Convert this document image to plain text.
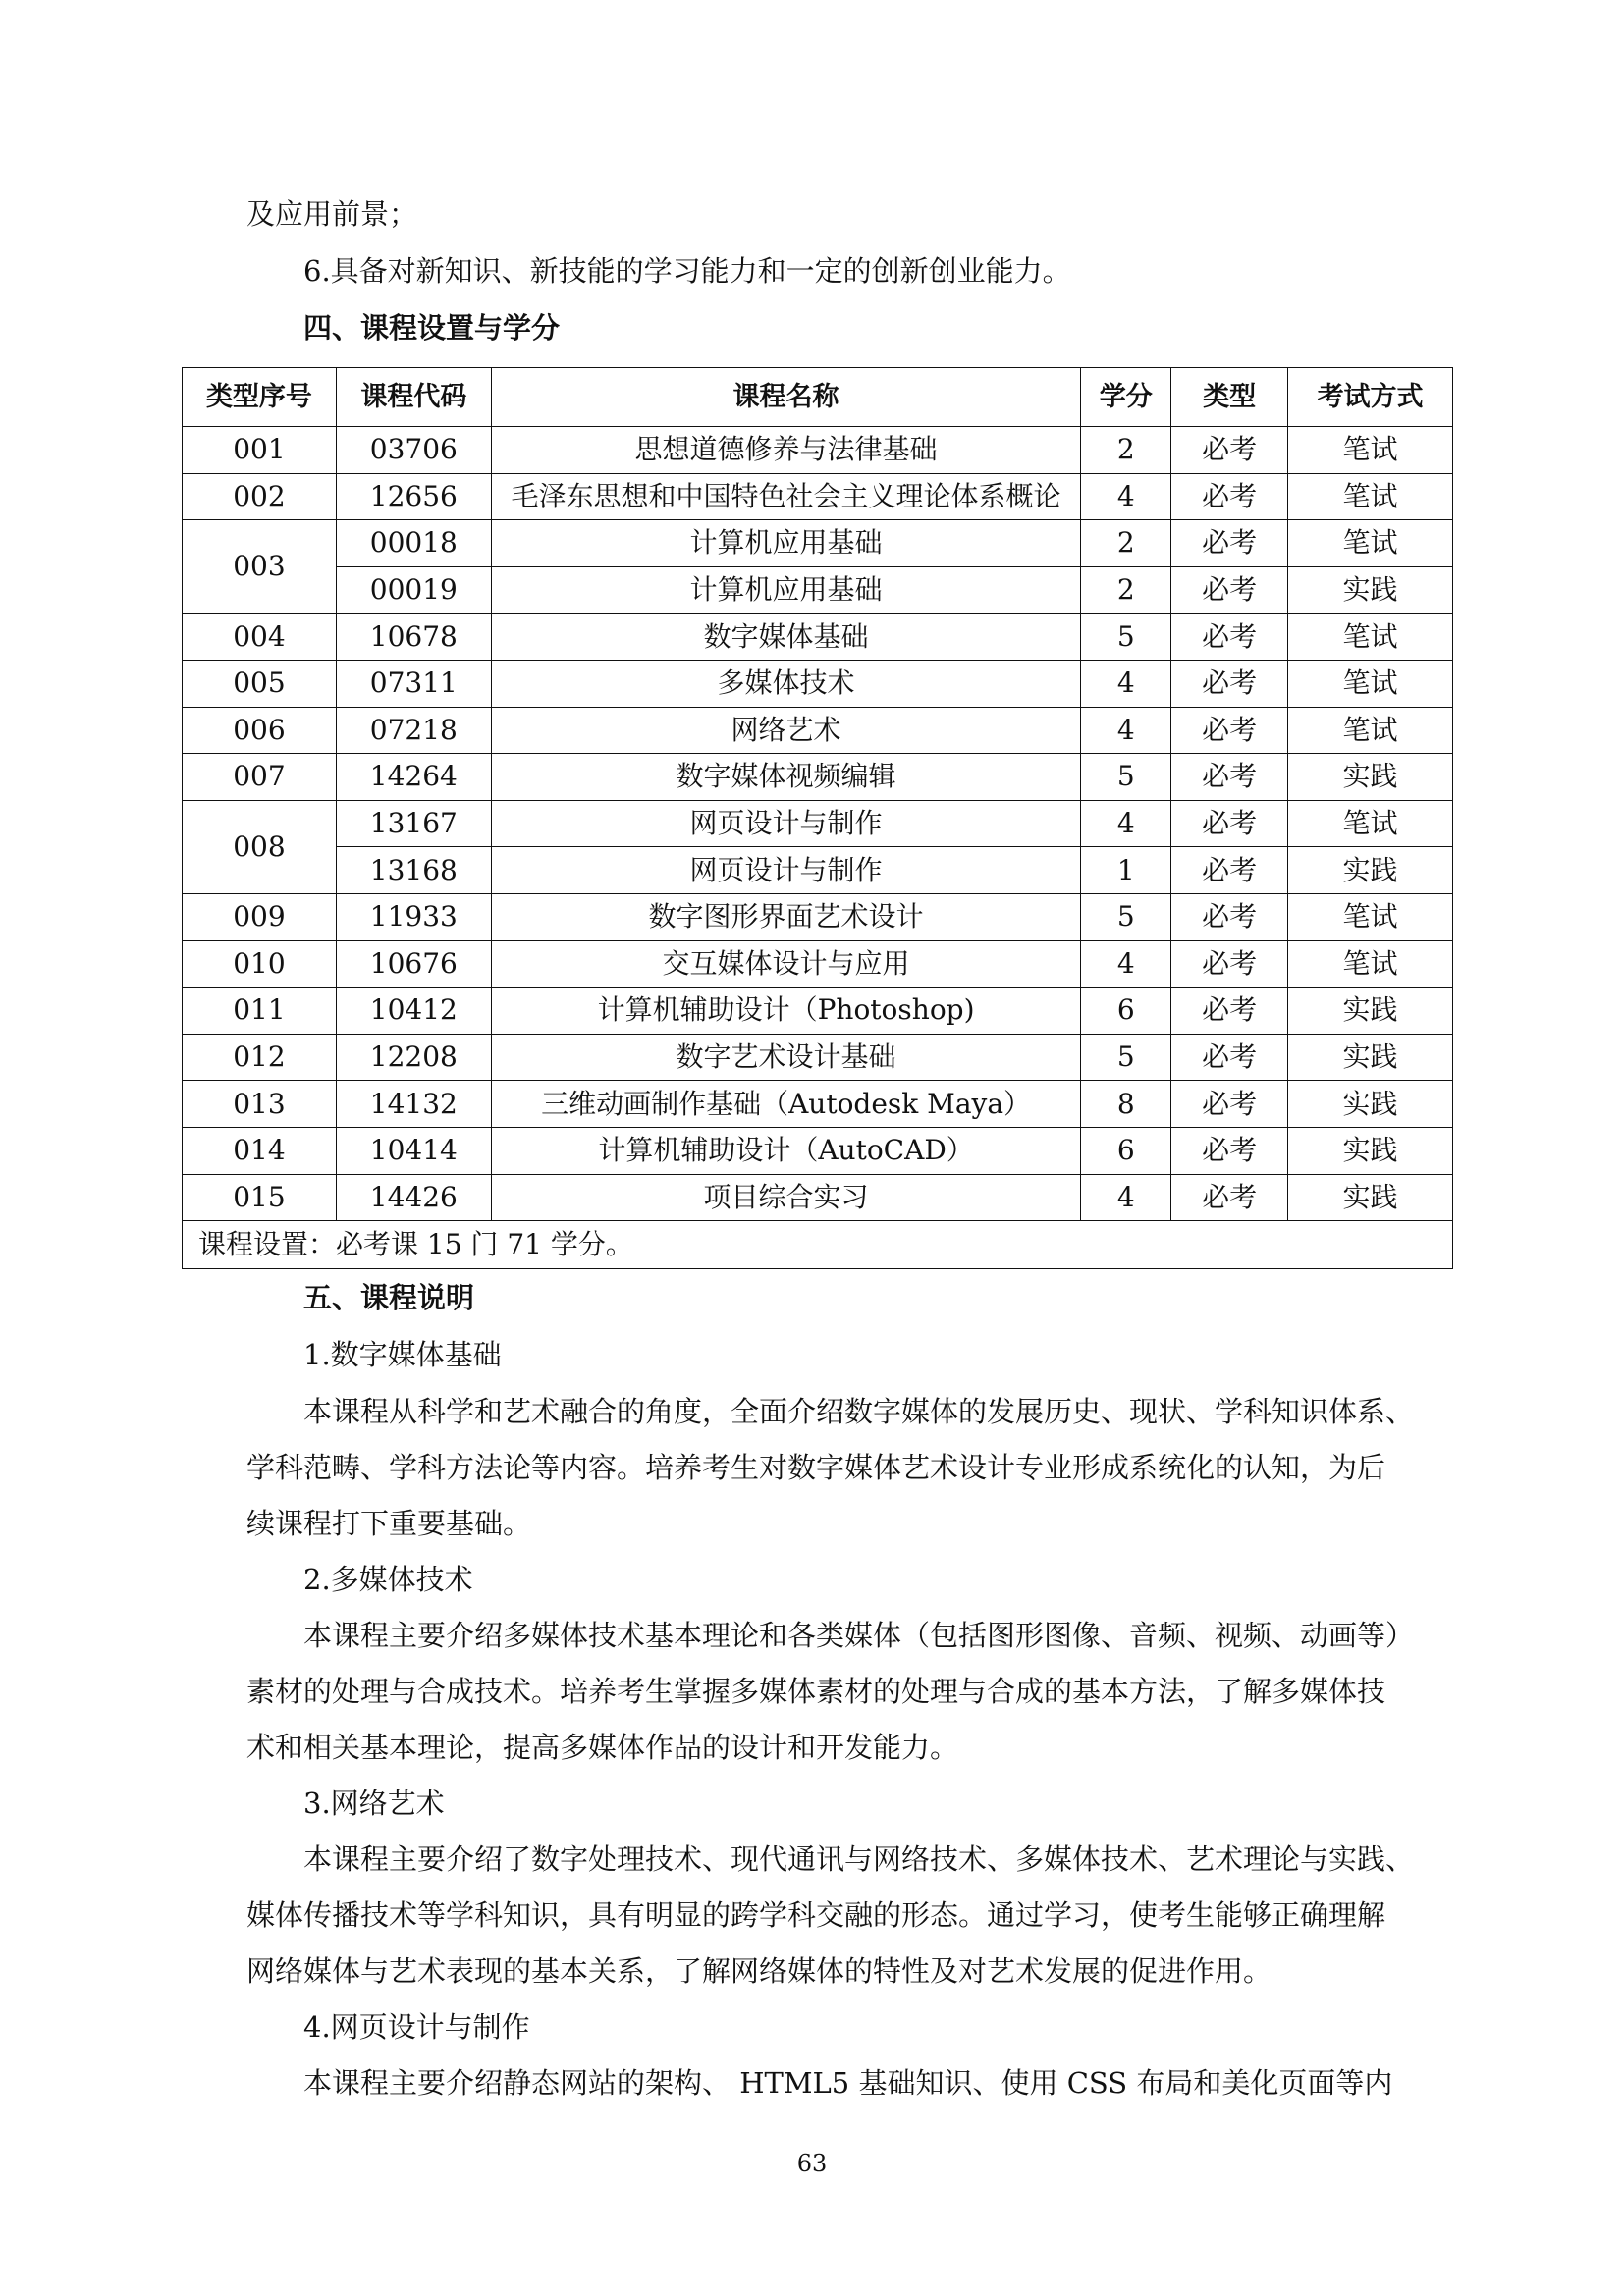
及应用前景；
6.具备对新知识、新技能的学习能力和一定的创新创业能力。
四、课程设置与学分
类型序号	课程代码	课程名称	学分	类型	考试方式
001	03706	思想道德修养与法律基础	2	必考	笔试
002	12656	毛泽东思想和中国特色社会主义理论体系概论	4	必考	笔试
003	00018	计算机应用基础	2	必考	笔试
	00019	计算机应用基础	2	必考	实践
004	10678	数字媒体基础	5	必考	笔试
005	07311	多媒体技术	4	必考	笔试
006	07218	网络艺术	4	必考	笔试
007	14264	数字媒体视频编辑	5	必考	实践
008	13167	网页设计与制作	4	必考	笔试
	13168	网页设计与制作	1	必考	实践
009	11933	数字图形界面艺术设计	5	必考	笔试
010	10676	交互媒体设计与应用	4	必考	笔试
011	10412	计算机辅助设计（Photoshop)	6	必考	实践
012	12208	数字艺术设计基础	5	必考	实践
013	14132	三维动画制作基础（Autodesk Maya）	8	必考	实践
014	10414	计算机辅助设计（AutoCAD）	6	必考	实践
015	14426	项目综合实习	4	必考	实践
课程设置：必考课 15 门 71 学分。					
五、课程说明
1.数字媒体基础
本课程从科学和艺术融合的角度，全面介绍数字媒体的发展历史、现状、学科知识体系、
学科范畴、学科方法论等内容。培养考生对数字媒体艺术设计专业形成系统化的认知，为后
续课程打下重要基础。
2.多媒体技术
本课程主要介绍多媒体技术基本理论和各类媒体（包括图形图像、音频、视频、动画等）
素材的处理与合成技术。培养考生掌握多媒体素材的处理与合成的基本方法，了解多媒体技
术和相关基本理论，提高多媒体作品的设计和开发能力。
3.网络艺术
本课程主要介绍了数字处理技术、现代通讯与网络技术、多媒体技术、艺术理论与实践、
媒体传播技术等学科知识，具有明显的跨学科交融的形态。通过学习，使考生能够正确理解
网络媒体与艺术表现的基本关系，了解网络媒体的特性及对艺术发展的促进作用。
4.网页设计与制作
本课程主要介绍静态网站的架构、 HTML5 基础知识、使用 CSS 布局和美化页面等内
63
